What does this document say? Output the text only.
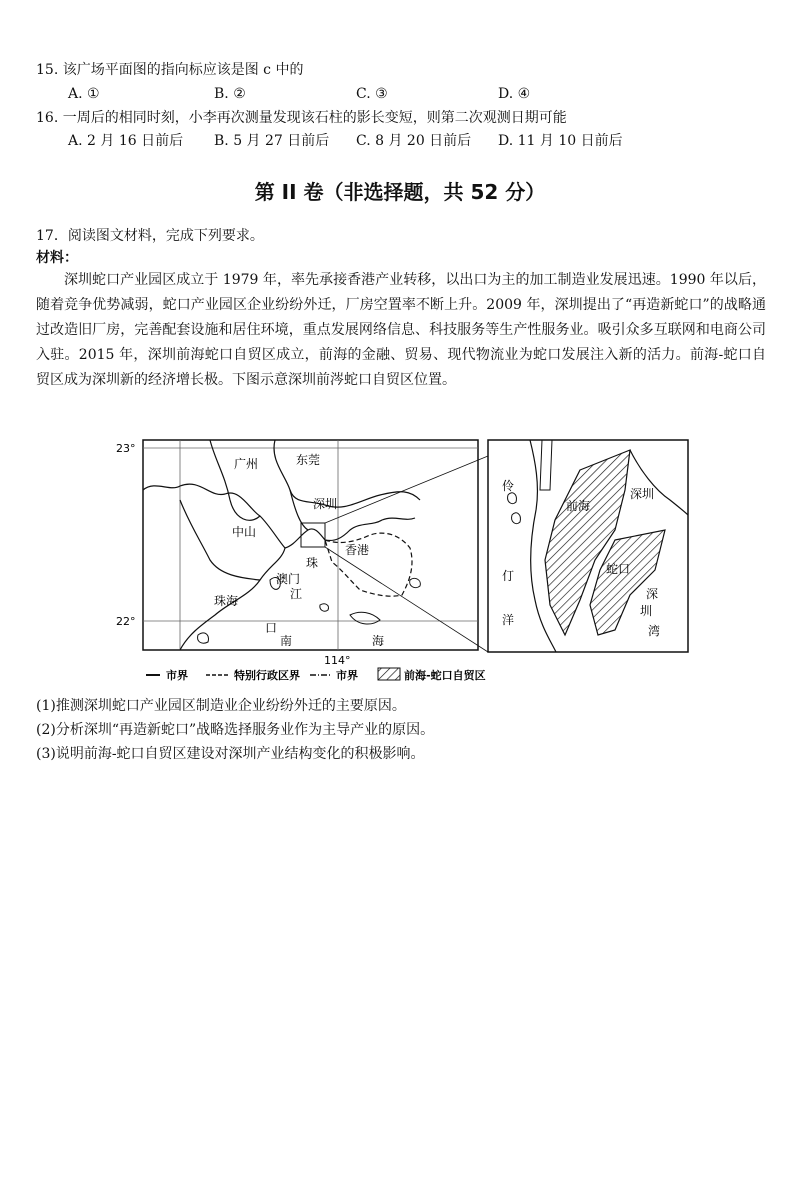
15. 该广场平面图的指向标应该是图 c 中的
A. ①	B. ②	C. ③	D. ④
16. 一周后的相同时刻，小李再次测量发现该石柱的影长变短，则第二次观测日期可能
A. 2 月 16 日前后 B. 5 月 27 日前后 C. 8 月 20 日前后 D. 11 月 10 日前后
第 II 卷（非选择题，共 52 分）
17．阅读图文材料，完成下列要求。
材料：
深圳蛇口产业园区成立于 1979 年，率先承接香港产业转移，以出口为主的加工制造业发展迅速。1990 年以后，随着竞争优势减弱，蛇口产业园区企业纷纷外迁，厂房空置率不断上升。2009 年，深圳提出了“再造新蛇口”的战略通过改造旧厂房，完善配套设施和居住环境，重点发展网络信息、科技服务等生产性服务业。吸引众多互联网和电商公司入驻。2015 年，深圳前海蛇口自贸区成立，前海的金融、贸易、现代物流业为蛇口发展注入新的活力。前海-蛇口自贸区成为深圳新的经济增长极。下图示意深圳前涔蛇口自贸区位置。
23°
22°
114°
广州	东莞
深圳
中山
香港
珠
澳门
江
珠海
口
南	海
伶
仃
洋
前海
深圳
蛇口
深
圳
湾
市界	特别行政区界	市界	前海-蛇口自贸区
(1)推测深圳蛇口产业园区制造业企业纷纷外迁的主要原因。
(2)分析深圳“再造新蛇口”战略选择服务业作为主导产业的原因。
(3)说明前海-蛇口自贸区建设对深圳产业结构变化的积极影响。
